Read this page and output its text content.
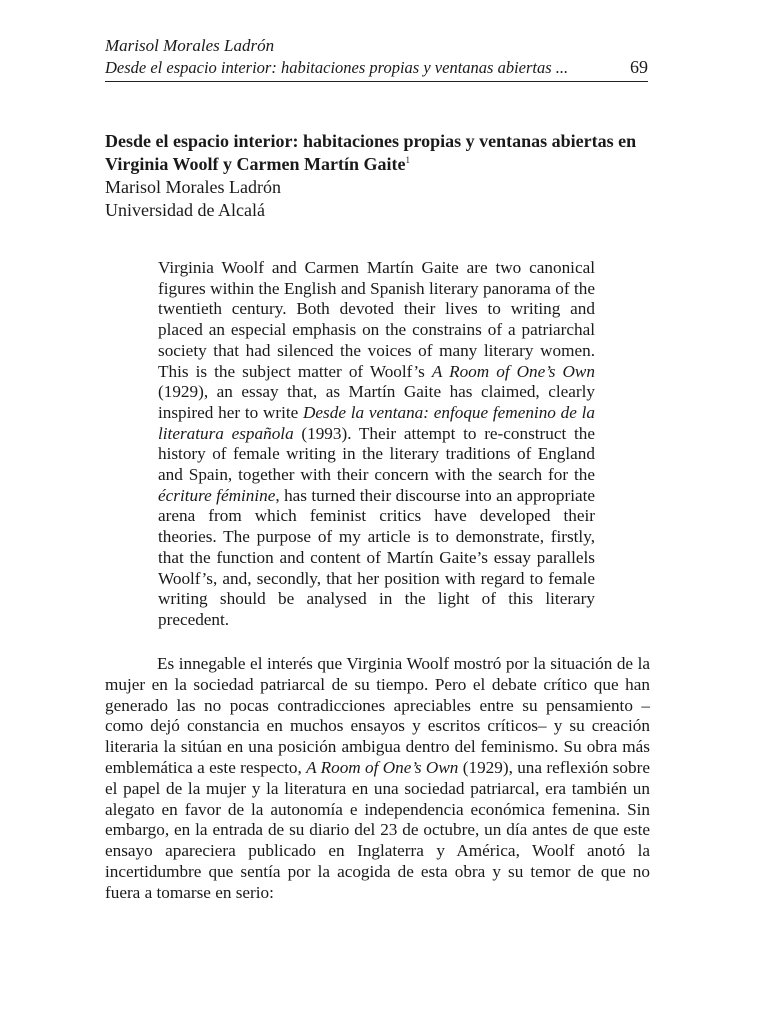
Marisol Morales Ladrón

Desde el espacio interior: habitaciones propias y ventanas abiertas ...	69

Desde el espacio interior: habitaciones propias y ventanas abiertas en Virginia Woolf y Carmen Martín Gaite$^1$

Marisol Morales Ladrón

Universidad de Alcalá

Virginia Woolf and Carmen Martín Gaite are two canonical figures within the English and Spanish literary panorama of the twentieth century. Both devoted their lives to writing and placed an especial emphasis on the constrains of a patriarchal society that had silenced the voices of many literary women. This is the subject matter of Woolf’s A Room of One’s Own (1929), an essay that, as Martín Gaite has claimed, clearly inspired her to write Desde la ventana: enfoque femenino de la literatura española (1993). Their attempt to re-construct the history of female writing in the literary traditions of England and Spain, together with their concern with the search for the écriture féminine, has turned their discourse into an appropriate arena from which feminist critics have developed their theories. The purpose of my article is to demonstrate, firstly, that the function and content of Martín Gaite’s essay parallels Woolf’s, and, secondly, that her position with regard to female writing should be analysed in the light of this literary precedent.

Es innegable el interés que Virginia Woolf mostró por la situación de la mujer en la sociedad patriarcal de su tiempo. Pero el debate crítico que han generado las no pocas contradicciones apreciables entre su pensamiento –como dejó constancia en muchos ensayos y escritos críticos– y su creación literaria la sitúan en una posición ambigua dentro del feminismo. Su obra más emblemática a este respecto, A Room of One’s Own (1929), una reflexión sobre el papel de la mujer y la literatura en una sociedad patriarcal, era también un alegato en favor de la autonomía e independencia económica femenina. Sin embargo, en la entrada de su diario del 23 de octubre, un día antes de que este ensayo apareciera publicado en Inglaterra y América, Woolf anotó la incertidumbre que sentía por la acogida de esta obra y su temor de que no fuera a tomarse en serio:
